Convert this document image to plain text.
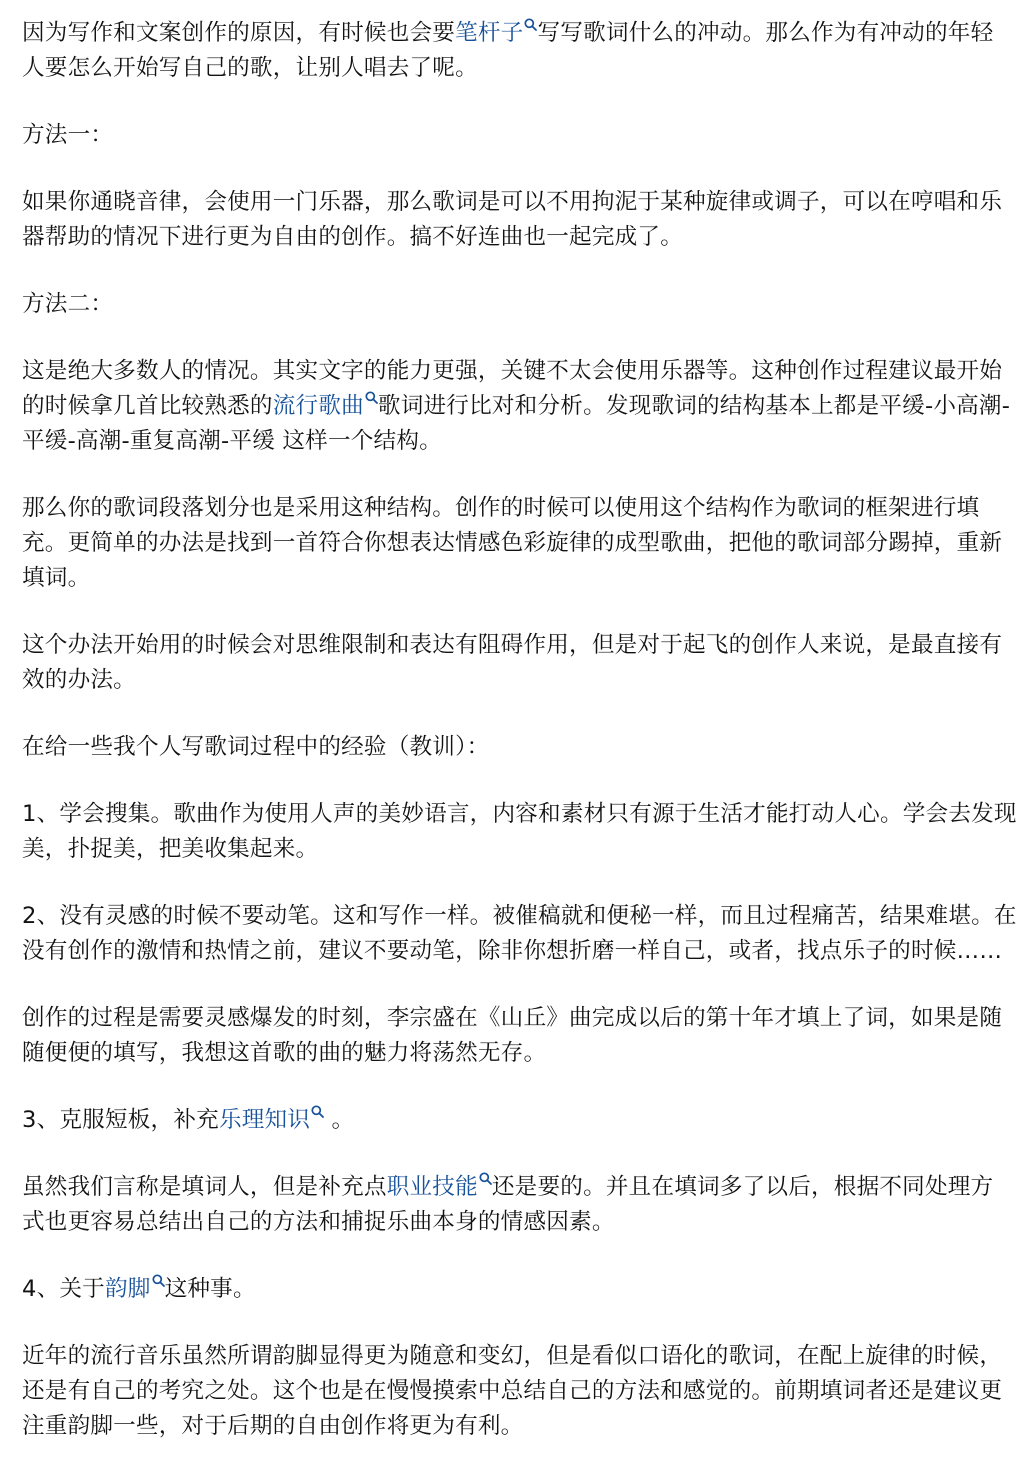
因为写作和文案创作的原因，有时候也会要笔杆子 写写歌词什么的冲动。那么作为有冲动的年轻
人要怎么开始写自己的歌，让别人唱去了呢。

方法一：

如果你通晓音律，会使用一门乐器，那么歌词是可以不用拘泥于某种旋律或调子，可以在哼唱和乐
器帮助的情况下进行更为自由的创作。搞不好连曲也一起完成了。

方法二：

这是绝大多数人的情况。其实文字的能力更强，关键不太会使用乐器等。这种创作过程建议最开始
的时候拿几首比较熟悉的流行歌曲 歌词进行比对和分析。发现歌词的结构基本上都是平缓-小高潮-
平缓-高潮-重复高潮-平缓 这样一个结构。

那么你的歌词段落划分也是采用这种结构。创作的时候可以使用这个结构作为歌词的框架进行填
充。更简单的办法是找到一首符合你想表达情感色彩旋律的成型歌曲，把他的歌词部分踢掉，重新
填词。

这个办法开始用的时候会对思维限制和表达有阻碍作用，但是对于起飞的创作人来说，是最直接有
效的办法。

在给一些我个人写歌词过程中的经验（教训）：

1、学会搜集。歌曲作为使用人声的美妙语言，内容和素材只有源于生活才能打动人心。学会去发现
美，扑捉美，把美收集起来。

2、没有灵感的时候不要动笔。这和写作一样。被催稿就和便秘一样，而且过程痛苦，结果难堪。在
没有创作的激情和热情之前，建议不要动笔，除非你想折磨一样自己，或者，找点乐子的时候……

创作的过程是需要灵感爆发的时刻，李宗盛在《山丘》曲完成以后的第十年才填上了词，如果是随
随便便的填写，我想这首歌的曲的魅力将荡然无存。

3、克服短板，补充乐理知识
。

虽然我们言称是填词人，但是补充点职业技能 还是要的。并且在填词多了以后，根据不同处理方
式也更容易总结出自己的方法和捕捉乐曲本身的情感因素。

4、关于韵脚 这种事。

近年的流行音乐虽然所谓韵脚显得更为随意和变幻，但是看似口语化的歌词，在配上旋律的时候，
还是有自己的考究之处。这个也是在慢慢摸索中总结自己的方法和感觉的。前期填词者还是建议更
注重韵脚一些，对于后期的自由创作将更为有利。
